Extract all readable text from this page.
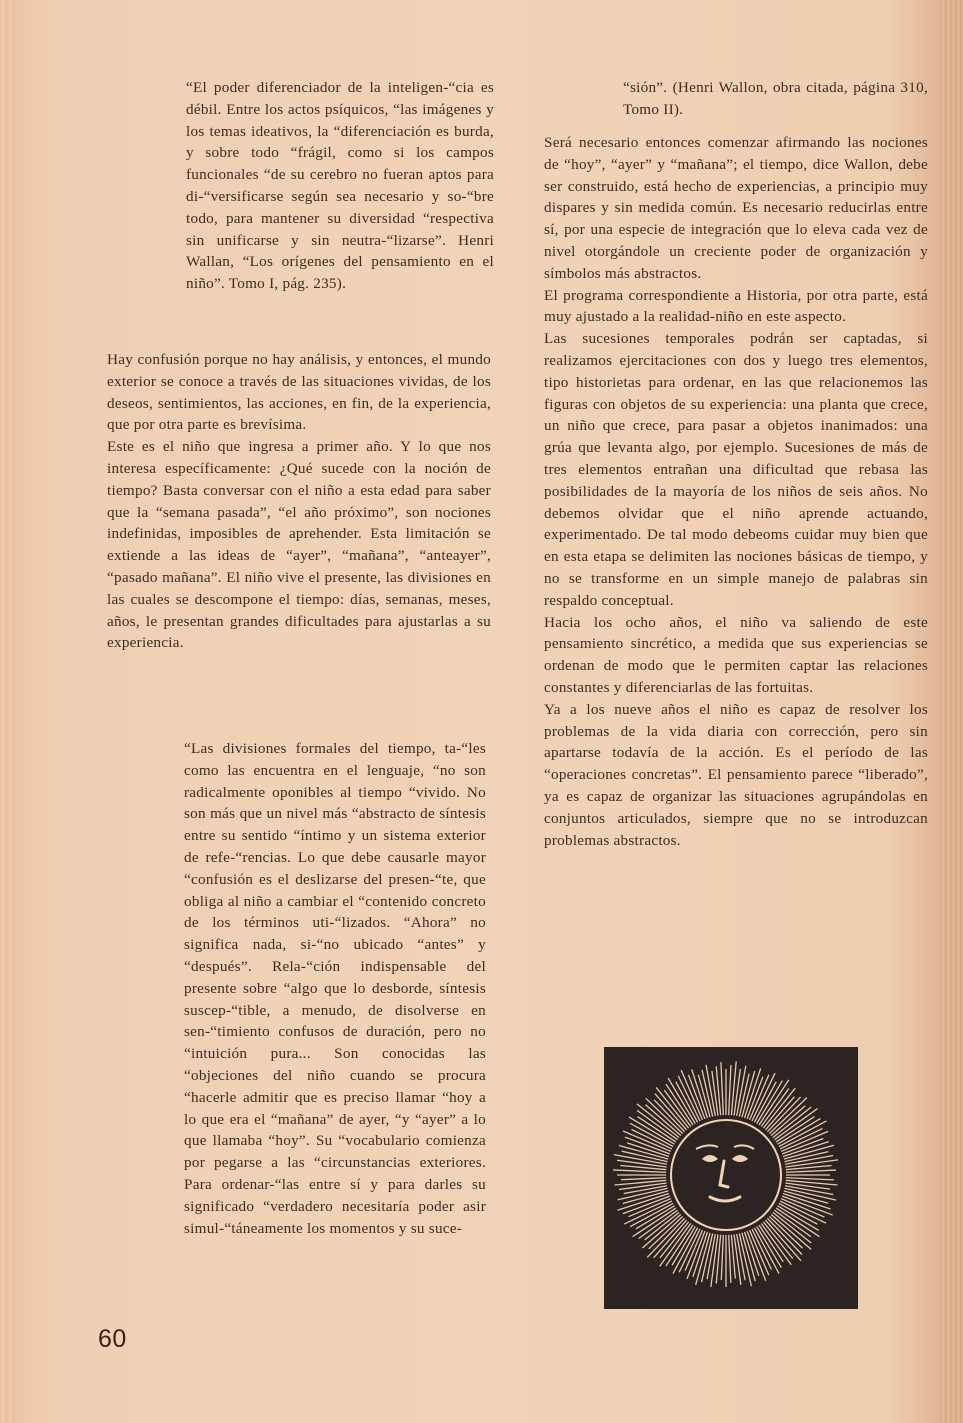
“El poder diferenciador de la inteligen-“cia es débil. Entre los actos psíquicos, “las imágenes y los temas ideativos, la “diferenciación es burda, y sobre todo “frágil, como si los campos funcionales “de su cerebro no fueran aptos para di-“versificarse según sea necesario y so-“bre todo, para mantener su diversidad “respectiva sin unificarse y sin neutra-“lizarse”. Henri Wallan, “Los orígenes del pensamiento en el niño”. Tomo I, pág. 235).

Hay confusión porque no hay análisis, y entonces, el mundo exterior se conoce a través de las situaciones vividas, de los deseos, sentimientos, las acciones, en fin, de la experiencia, que por otra parte es brevísima.

Este es el niño que ingresa a primer año. Y lo que nos interesa específicamente: ¿Qué sucede con la noción de tiempo? Basta conversar con el niño a esta edad para saber que la “semana pasada”, “el año próximo”, son nociones indefinidas, imposibles de aprehender. Esta limitación se extiende a las ideas de “ayer”, “mañana”, “anteayer”, “pasado mañana”. El niño vive el presente, las divisiones en las cuales se descompone el tiempo: días, semanas, meses, años, le presentan grandes dificultades para ajustarlas a su experiencia.

“Las divisiones formales del tiempo, ta-“les como las encuentra en el lenguaje, “no son radicalmente oponibles al tiempo “vivido. No son más que un nivel más “abstracto de síntesis entre su sentido “íntimo y un sistema exterior de refe-“rencias. Lo que debe causarle mayor “confusión es el deslizarse del presen-“te, que obliga al niño a cambiar el “contenido concreto de los términos uti-“lizados. “Ahora” no significa nada, si-“no ubicado “antes” y “después”. Rela-“ción indispensable del presente sobre “algo que lo desborde, síntesis suscep-“tible, a menudo, de disolverse en sen-“timiento confusos de duración, pero no “intuición pura... Son conocidas las “objeciones del niño cuando se procura “hacerle admitir que es preciso llamar “hoy a lo que era el “mañana” de ayer, “y “ayer” a lo que llamaba “hoy”. Su “vocabulario comienza por pegarse a las “circunstancias exteriores. Para ordenar-“las entre sí y para darles su significado “verdadero necesitaría poder asir simul-“táneamente los momentos y su suce-

“sión”. (Henri Wallon, obra citada, página 310, Tomo II).

Será necesario entonces comenzar afirmando las nociones de “hoy”, “ayer” y “mañana”; el tiempo, dice Wallon, debe ser construido, está hecho de experiencias, a principio muy dispares y sin medida común. Es necesario reducirlas entre sí, por una especie de integración que lo eleva cada vez de nivel otorgándole un creciente poder de organización y símbolos más abstractos.

El programa correspondiente a Historia, por otra parte, está muy ajustado a la realidad-niño en este aspecto.

Las sucesiones temporales podrán ser captadas, si realizamos ejercitaciones con dos y luego tres elementos, tipo historietas para ordenar, en las que relacionemos las figuras con objetos de su experiencia: una planta que crece, un niño que crece, para pasar a objetos inanimados: una grúa que levanta algo, por ejemplo. Sucesiones de más de tres elementos entrañan una dificultad que rebasa las posibilidades de la mayoría de los niños de seis años. No debemos olvidar que el niño aprende actuando, experimentado. De tal modo debeoms cuidar muy bien que en esta etapa se delimiten las nociones básicas de tiempo, y no se transforme en un simple manejo de palabras sin respaldo conceptual.

Hacia los ocho años, el niño va saliendo de este pensamiento sincrético, a medida que sus experiencias se ordenan de modo que le permiten captar las relaciones constantes y diferenciarlas de las fortuitas.

Ya a los nueve años el niño es capaz de resolver los problemas de la vida diaria con corrección, pero sin apartarse todavía de la acción. Es el período de las “operaciones concretas”. El pensamiento parece “liberado”, ya es capaz de organizar las situaciones agrupándolas en conjuntos articulados, siempre que no se introduzcan problemas abstractos.

60
